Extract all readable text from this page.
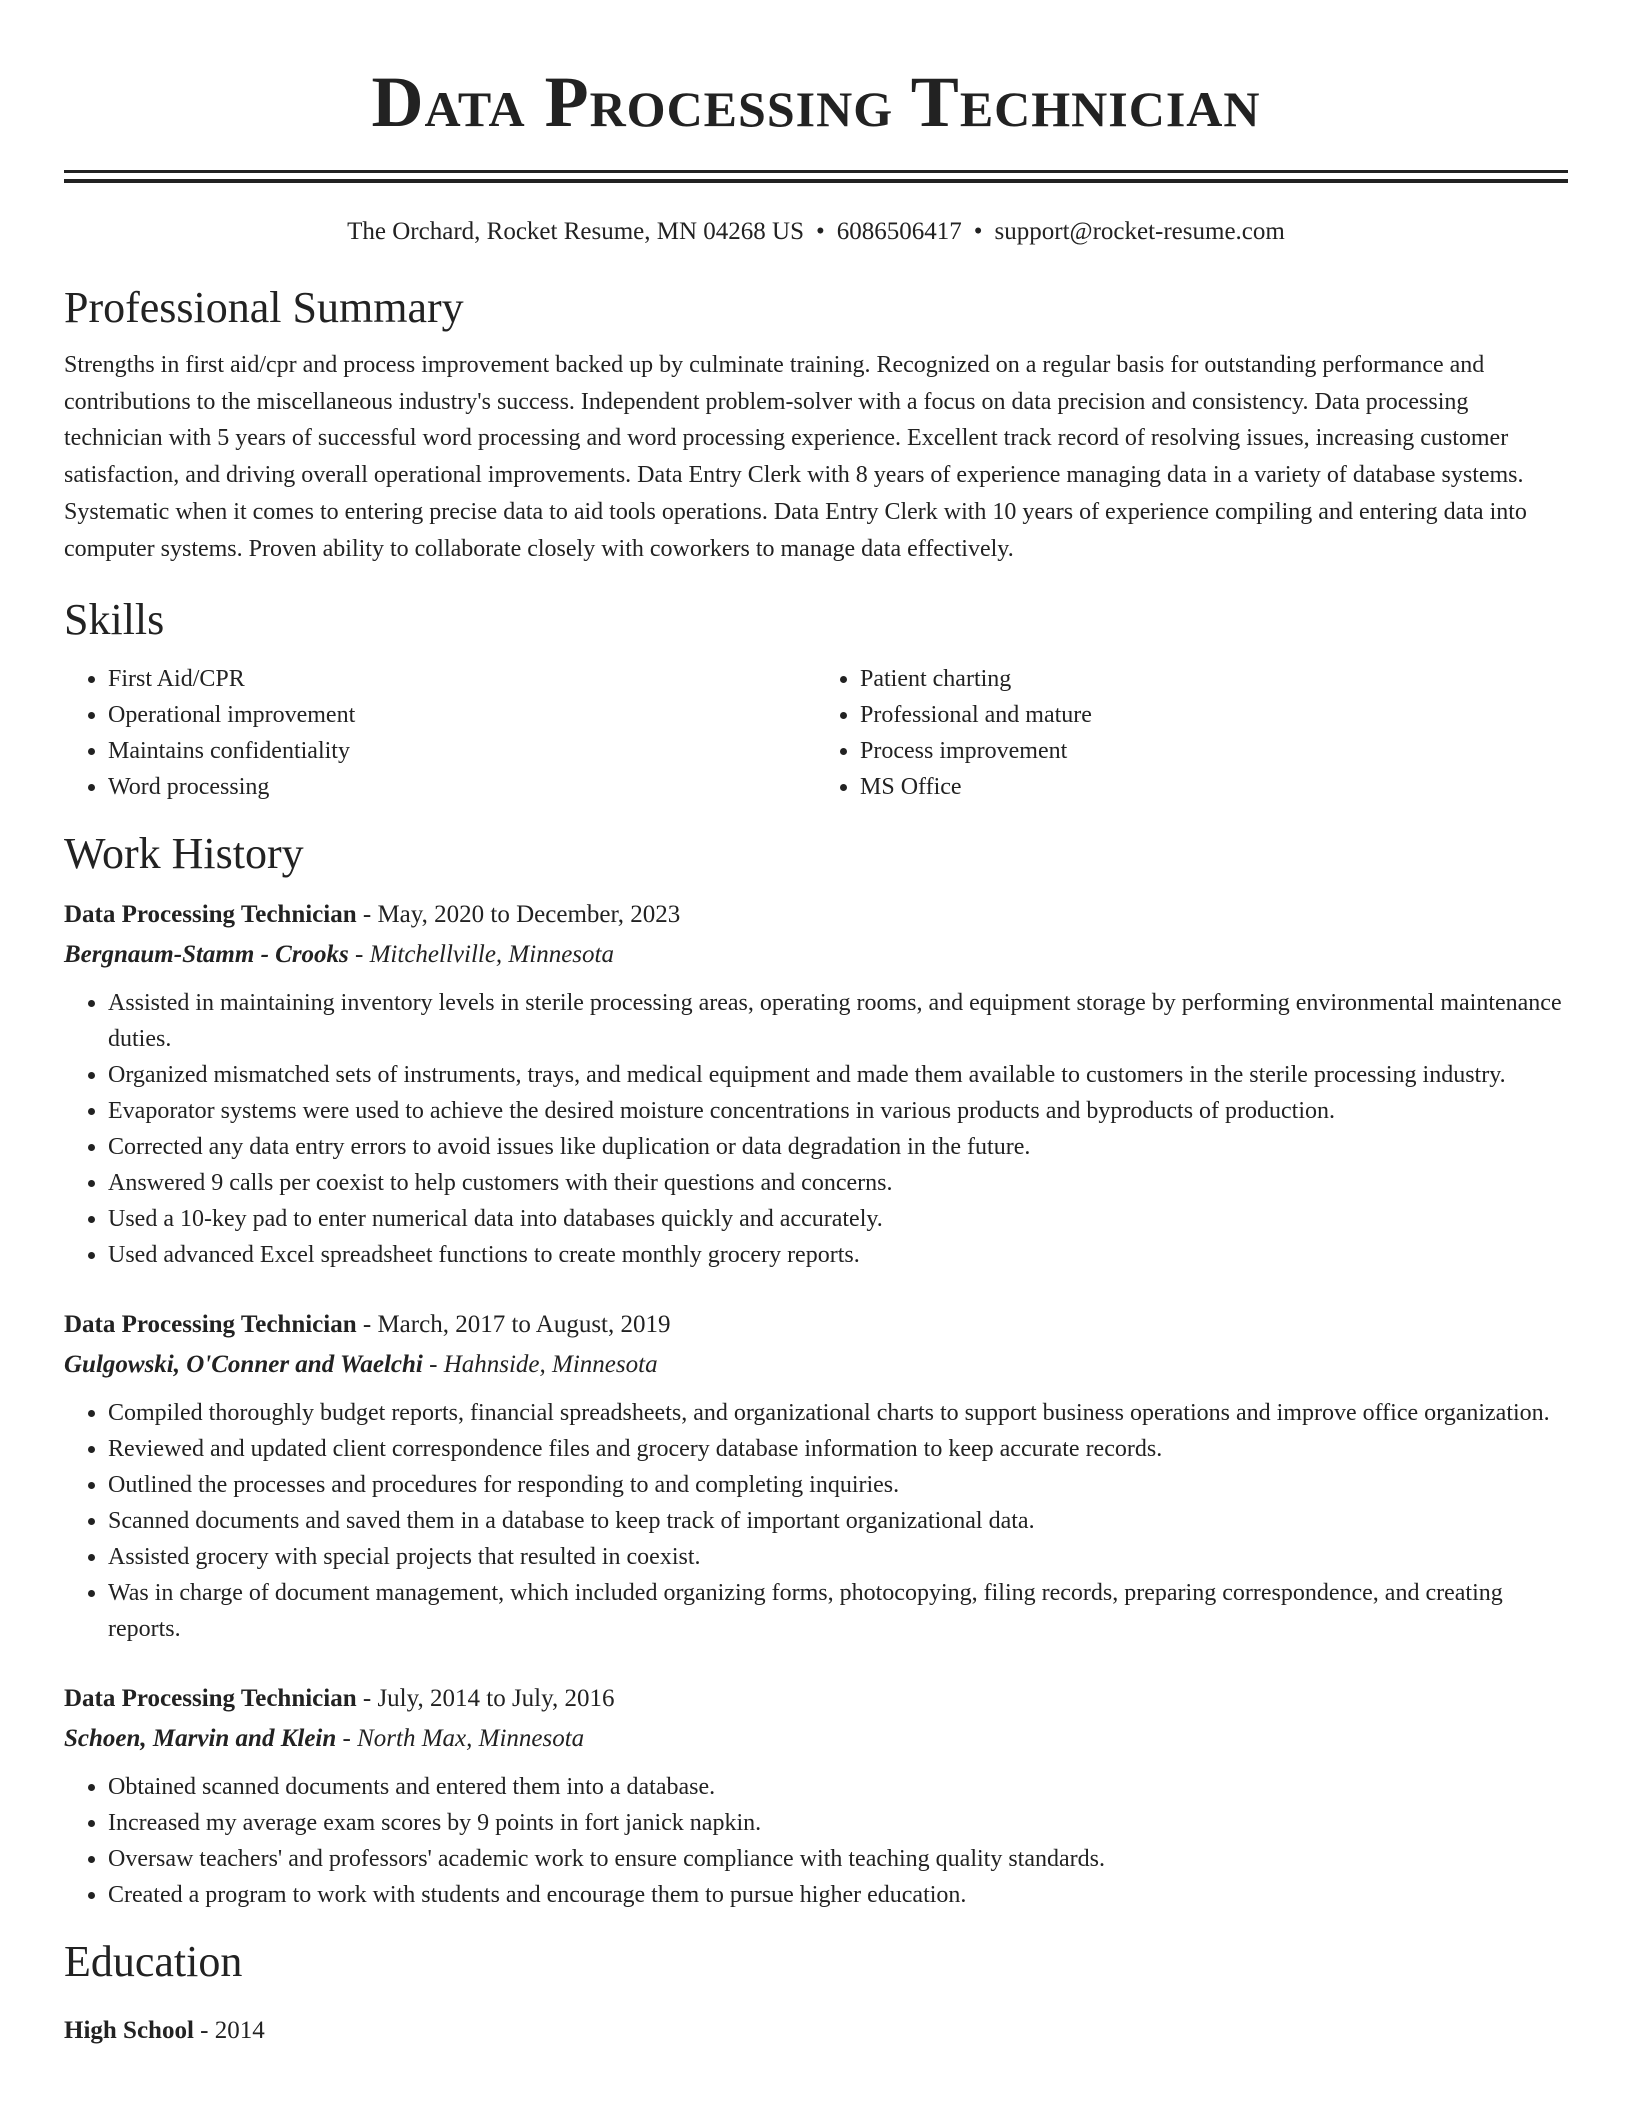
Data Processing Technician
The Orchard, Rocket Resume, MN 04268 US • 6086506417 • support@rocket-resume.com
Professional Summary

Strengths in first aid/cpr and process improvement backed up by culminate training. Recognized on a regular basis for outstanding performance and contributions to the miscellaneous industry's success. Independent problem-solver with a focus on data precision and consistency. Data processing technician with 5 years of successful word processing and word processing experience. Excellent track record of resolving issues, increasing customer satisfaction, and driving overall operational improvements. Data Entry Clerk with 8 years of experience managing data in a variety of database systems. Systematic when it comes to entering precise data to aid tools operations. Data Entry Clerk with 10 years of experience compiling and entering data into computer systems. Proven ability to collaborate closely with coworkers to manage data effectively.

Skills
• First Aid/CPR
• Operational improvement
• Maintains confidentiality
• Word processing
• Patient charting
• Professional and mature
• Process improvement
• MS Office
Work History
Data Processing Technician - May, 2020 to December, 2023
Bergnaum-Stamm - Crooks - Mitchellville, Minnesota
• Assisted in maintaining inventory levels in sterile processing areas, operating rooms, and equipment storage by performing environmental maintenance duties.
• Organized mismatched sets of instruments, trays, and medical equipment and made them available to customers in the sterile processing industry.
• Evaporator systems were used to achieve the desired moisture concentrations in various products and byproducts of production.
• Corrected any data entry errors to avoid issues like duplication or data degradation in the future.
• Answered 9 calls per coexist to help customers with their questions and concerns.
• Used a 10-key pad to enter numerical data into databases quickly and accurately.
• Used advanced Excel spreadsheet functions to create monthly grocery reports.
Data Processing Technician - March, 2017 to August, 2019
Gulgowski, O'Conner and Waelchi - Hahnside, Minnesota
• Compiled thoroughly budget reports, financial spreadsheets, and organizational charts to support business operations and improve office organization.
• Reviewed and updated client correspondence files and grocery database information to keep accurate records.
• Outlined the processes and procedures for responding to and completing inquiries.
• Scanned documents and saved them in a database to keep track of important organizational data.
• Assisted grocery with special projects that resulted in coexist.
• Was in charge of document management, which included organizing forms, photocopying, filing records, preparing correspondence, and creating reports.
Data Processing Technician - July, 2014 to July, 2016
Schoen, Marvin and Klein - North Max, Minnesota
• Obtained scanned documents and entered them into a database.
• Increased my average exam scores by 9 points in fort janick napkin.
• Oversaw teachers' and professors' academic work to ensure compliance with teaching quality standards.
• Created a program to work with students and encourage them to pursue higher education.
Education
High School - 2014
